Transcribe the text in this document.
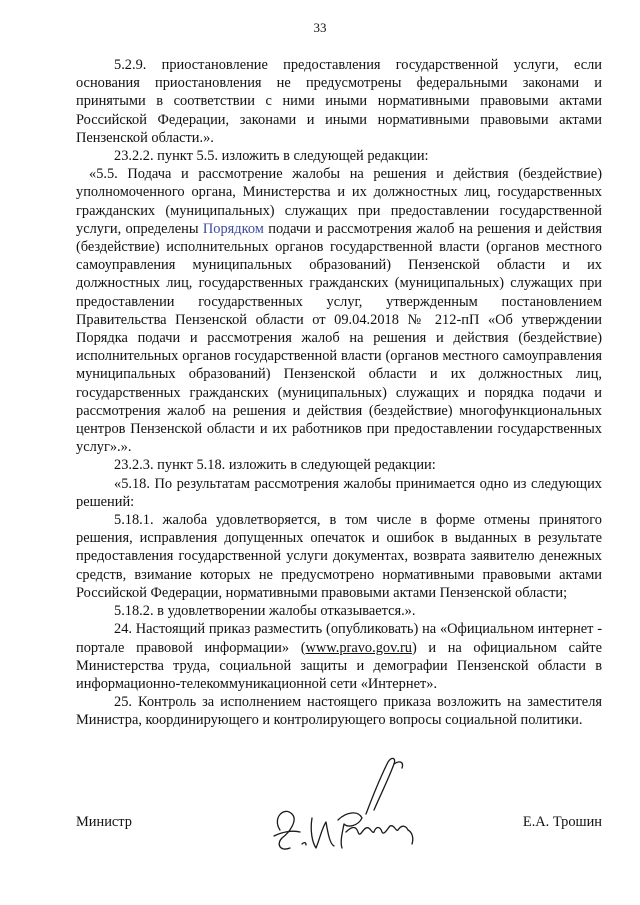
33

5.2.9. приостановление предоставления государственной услуги, если основания приостановления не предусмотрены федеральными законами и принятыми в соответствии с ними иными нормативными правовыми актами Российской Федерации, законами и иными нормативными правовыми актами Пензенской области.».

23.2.2. пункт 5.5. изложить в следующей редакции:

«5.5. Подача и рассмотрение жалобы на решения и действия (бездействие) уполномоченного органа, Министерства и их должностных лиц, государственных гражданских (муниципальных) служащих при предоставлении государственной услуги, определены Порядком подачи и рассмотрения жалоб на решения и действия (бездействие) исполнительных органов государственной власти (органов местного самоуправления муниципальных образований) Пензенской области и их должностных лиц, государственных гражданских (муниципальных) служащих при предоставлении государственных услуг, утвержденным постановлением Правительства Пензенской области от 09.04.2018 № 212-пП «Об утверждении Порядка подачи и рассмотрения жалоб на решения и действия (бездействие) исполнительных органов государственной власти (органов местного самоуправления муниципальных образований) Пензенской области и их должностных лиц, государственных гражданских (муниципальных) служащих и порядка подачи и рассмотрения жалоб на решения и действия (бездействие) многофункциональных центров Пензенской области и их работников при предоставлении государственных услуг».».

23.2.3. пункт 5.18. изложить в следующей редакции:

«5.18. По результатам рассмотрения жалобы принимается одно из следующих решений:

5.18.1. жалоба удовлетворяется, в том числе в форме отмены принятого решения, исправления допущенных опечаток и ошибок в выданных в результате предоставления государственной услуги документах, возврата заявителю денежных средств, взимание которых не предусмотрено нормативными правовыми актами Российской Федерации, нормативными правовыми актами Пензенской области;

5.18.2. в удовлетворении жалобы отказывается.».

24. Настоящий приказ разместить (опубликовать) на «Официальном интернет - портале правовой информации» (www.pravo.gov.ru) и на официальном сайте Министерства труда, социальной защиты и демографии Пензенской области в информационно-телекоммуникационной сети «Интернет».

25. Контроль за исполнением настоящего приказа возложить на заместителя Министра, координирующего и контролирующего вопросы социальной политики.

Министр	Е.А. Трошин
